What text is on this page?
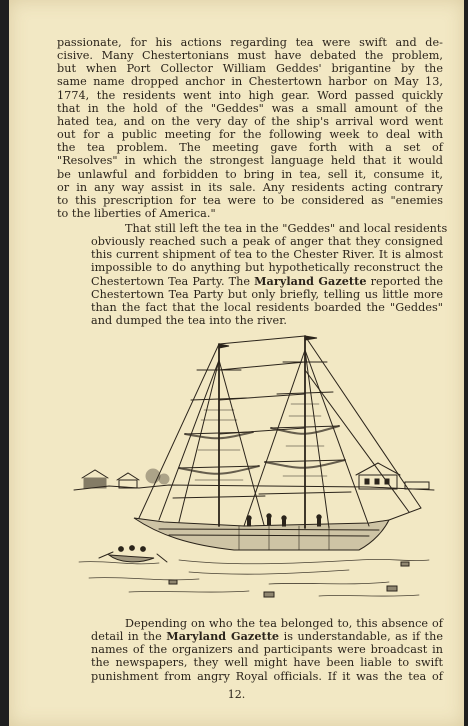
passionate, for his actions regarding tea were swift and de-
cisive. Many Chestertonians must have debated the problem,
but when Port Collector William Geddes' brigantine by the
same name dropped anchor in Chestertown harbor on May 13,
1774, the residents went into high gear. Word passed quickly
that in the hold of the "Geddes" was a small amount of the
hated tea, and on the very day of the ship's arrival word went
out for a public meeting for the following week to deal with
the tea problem. The meeting gave forth with a set of
"Resolves" in which the strongest language held that it would
be unlawful and forbidden to bring in tea, sell it, consume it,
or in any way assist in its sale. Any residents acting contrary
to this prescription for tea were to be considered as "enemies
to the liberties of America."
That still left the tea in the "Geddes" and local residents
obviously reached such a peak of anger that they consigned
this current shipment of tea to the Chester River. It is almost
impossible to do anything but hypothetically reconstruct the
Chestertown Tea Party. The Maryland Gazette reported the
Chestertown Tea Party but only briefly, telling us little more
than the fact that the local residents boarded the "Geddes"
and dumped the tea into the river.
Depending on who the tea belonged to, this absence of
detail in the Maryland Gazette is understandable, as if the
names of the organizers and participants were broadcast in
the newspapers, they well might have been liable to swift
punishment from angry Royal officials. If it was the tea of
12.
